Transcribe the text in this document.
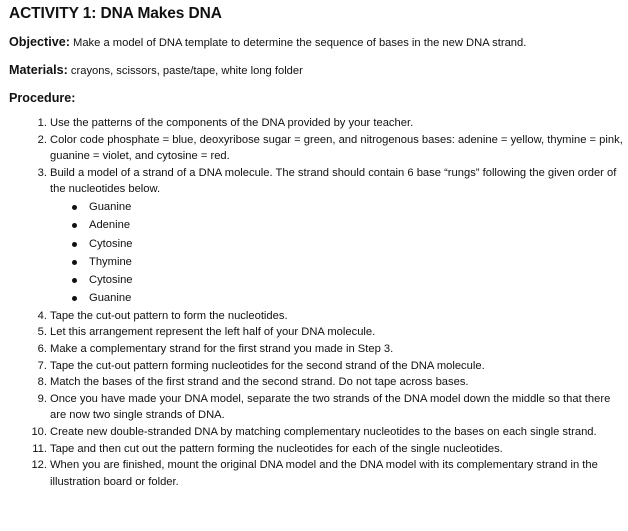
ACTIVITY 1: DNA Makes DNA

Objective: Make a model of DNA template to determine the sequence of bases in the new DNA strand.

Materials: crayons, scissors, paste/tape, white long folder

Procedure:
1. Use the patterns of the components of the DNA provided by your teacher.
2. Color code phosphate = blue, deoxyribose sugar = green, and nitrogenous bases: adenine = yellow, thymine = pink, guanine = violet, and cytosine = red.
3. Build a model of a strand of a DNA molecule. The strand should contain 6 base “rungs” following the given order of the nucleotides below.
Guanine
Adenine
Cytosine
Thymine
Cytosine
Guanine
4. Tape the cut-out pattern to form the nucleotides.
5. Let this arrangement represent the left half of your DNA molecule.
6. Make a complementary strand for the first strand you made in Step 3.
7. Tape the cut-out pattern forming nucleotides for the second strand of the DNA molecule.
8. Match the bases of the first strand and the second strand. Do not tape across bases.
9. Once you have made your DNA model, separate the two strands of the DNA model down the middle so that there are now two single strands of DNA.
10. Create new double-stranded DNA by matching complementary nucleotides to the bases on each single strand.
11. Tape and then cut out the pattern forming the nucleotides for each of the single nucleotides.
12. When you are finished, mount the original DNA model and the DNA model with its complementary strand in the illustration board or folder.
